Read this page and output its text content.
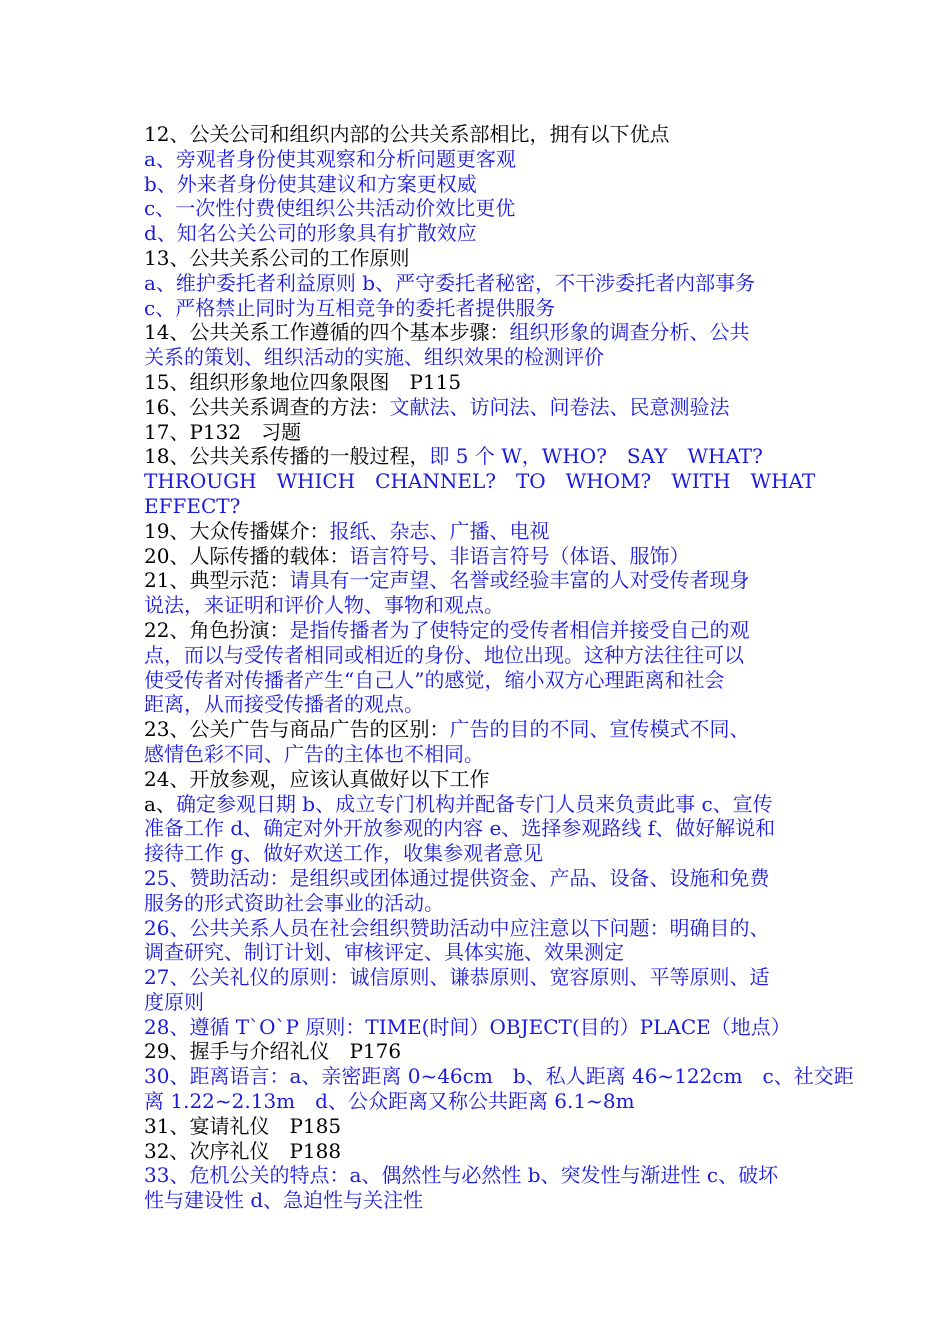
12、公关公司和组织内部的公共关系部相比，拥有以下优点
a、旁观者身份使其观察和分析问题更客观
b、外来者身份使其建议和方案更权威
c、一次性付费使组织公共活动价效比更优
d、知名公关公司的形象具有扩散效应
13、公共关系公司的工作原则
a、维护委托者利益原则 b、严守委托者秘密，不干涉委托者内部事务
c、严格禁止同时为互相竞争的委托者提供服务
14、公共关系工作遵循的四个基本步骤：组织形象的调查分析、公共
关系的策划、组织活动的实施、组织效果的检测评价
15、组织形象地位四象限图　P115
16、公共关系调查的方法：文献法、访问法、问卷法、民意测验法
17、P132　习题
18、公共关系传播的一般过程，即 5 个 W，WHO?　SAY　WHAT?
THROUGH　WHICH　CHANNEL?　TO　WHOM?　WITH　WHAT
EFFECT?
19、大众传播媒介：报纸、杂志、广播、电视
20、人际传播的载体：语言符号、非语言符号（体语、服饰）
21、典型示范：请具有一定声望、名誉或经验丰富的人对受传者现身
说法，来证明和评价人物、事物和观点。
22、角色扮演：是指传播者为了使特定的受传者相信并接受自己的观
点，而以与受传者相同或相近的身份、地位出现。这种方法往往可以
使受传者对传播者产生“自己人”的感觉，缩小双方心理距离和社会
距离，从而接受传播者的观点。
23、公关广告与商品广告的区别：广告的目的不同、宣传模式不同、
感情色彩不同、广告的主体也不相同。
24、开放参观，应该认真做好以下工作
a、确定参观日期 b、成立专门机构并配备专门人员来负责此事 c、宣传
准备工作 d、确定对外开放参观的内容 e、选择参观路线 f、做好解说和
接待工作 g、做好欢送工作，收集参观者意见
25、赞助活动：是组织或团体通过提供资金、产品、设备、设施和免费
服务的形式资助社会事业的活动。
26、公共关系人员在社会组织赞助活动中应注意以下问题：明确目的、
调查研究、制订计划、审核评定、具体实施、效果测定
27、公关礼仪的原则：诚信原则、谦恭原则、宽容原则、平等原则、适
度原则
28、遵循 T`O`P 原则：TIME(时间）OBJECT(目的）PLACE（地点）
29、握手与介绍礼仪　P176
30、距离语言：a、亲密距离 0~46cm　b、私人距离 46~122cm　c、社交距
离 1.22~2.13m　d、公众距离又称公共距离 6.1~8m
31、宴请礼仪　P185
32、次序礼仪　P188
33、危机公关的特点：a、偶然性与必然性 b、突发性与渐进性 c、破坏
性与建设性 d、急迫性与关注性
